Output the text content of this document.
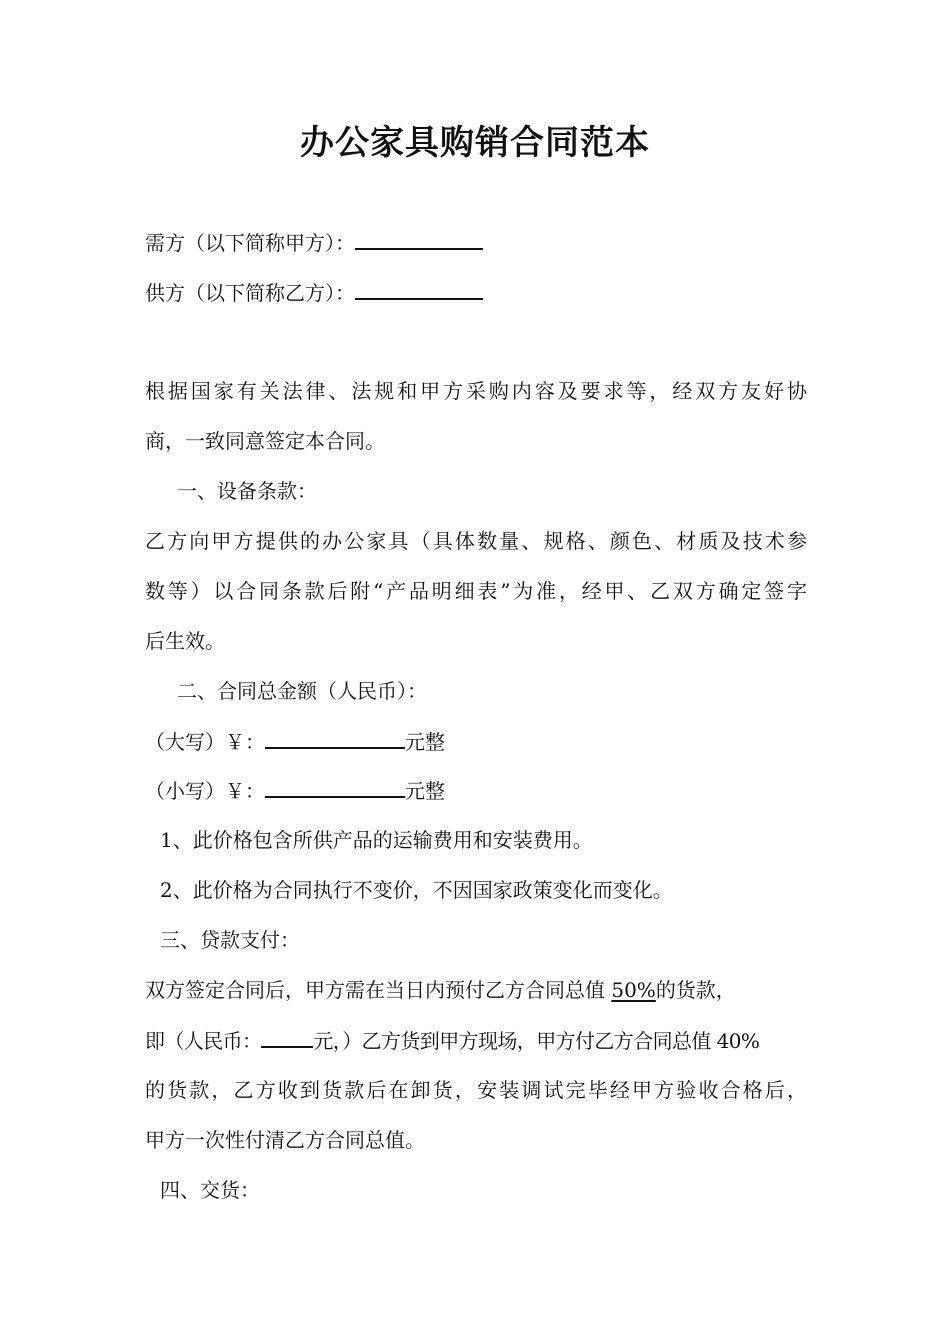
办公家具购销合同范本
需方（以下简称甲方）：
供方（以下简称乙方）：
根据国家有关法律、法规和甲方采购内容及要求等，经双方友好协
商，一致同意签定本合同。
一、设备条款：
乙方向甲方提供的办公家具（具体数量、规格、颜色、材质及技术参
数等）以合同条款后附“产品明细表”为准，经甲、乙双方确定签字
后生效。
二、合同总金额（人民币）：
（大写）￥：	元整
（小写）￥：	元整
1、此价格包含所供产品的运输费用和安装费用。
2、此价格为合同执行不变价，不因国家政策变化而变化。
三、贷款支付：
双方签定合同后，甲方需在当日内预付乙方合同总值 50%的货款，
即（人民币：	元，）乙方货到甲方现场，甲方付乙方合同总值 40%
的货款，乙方收到货款后在卸货，安装调试完毕经甲方验收合格后，
甲方一次性付清乙方合同总值。
四、交货：
